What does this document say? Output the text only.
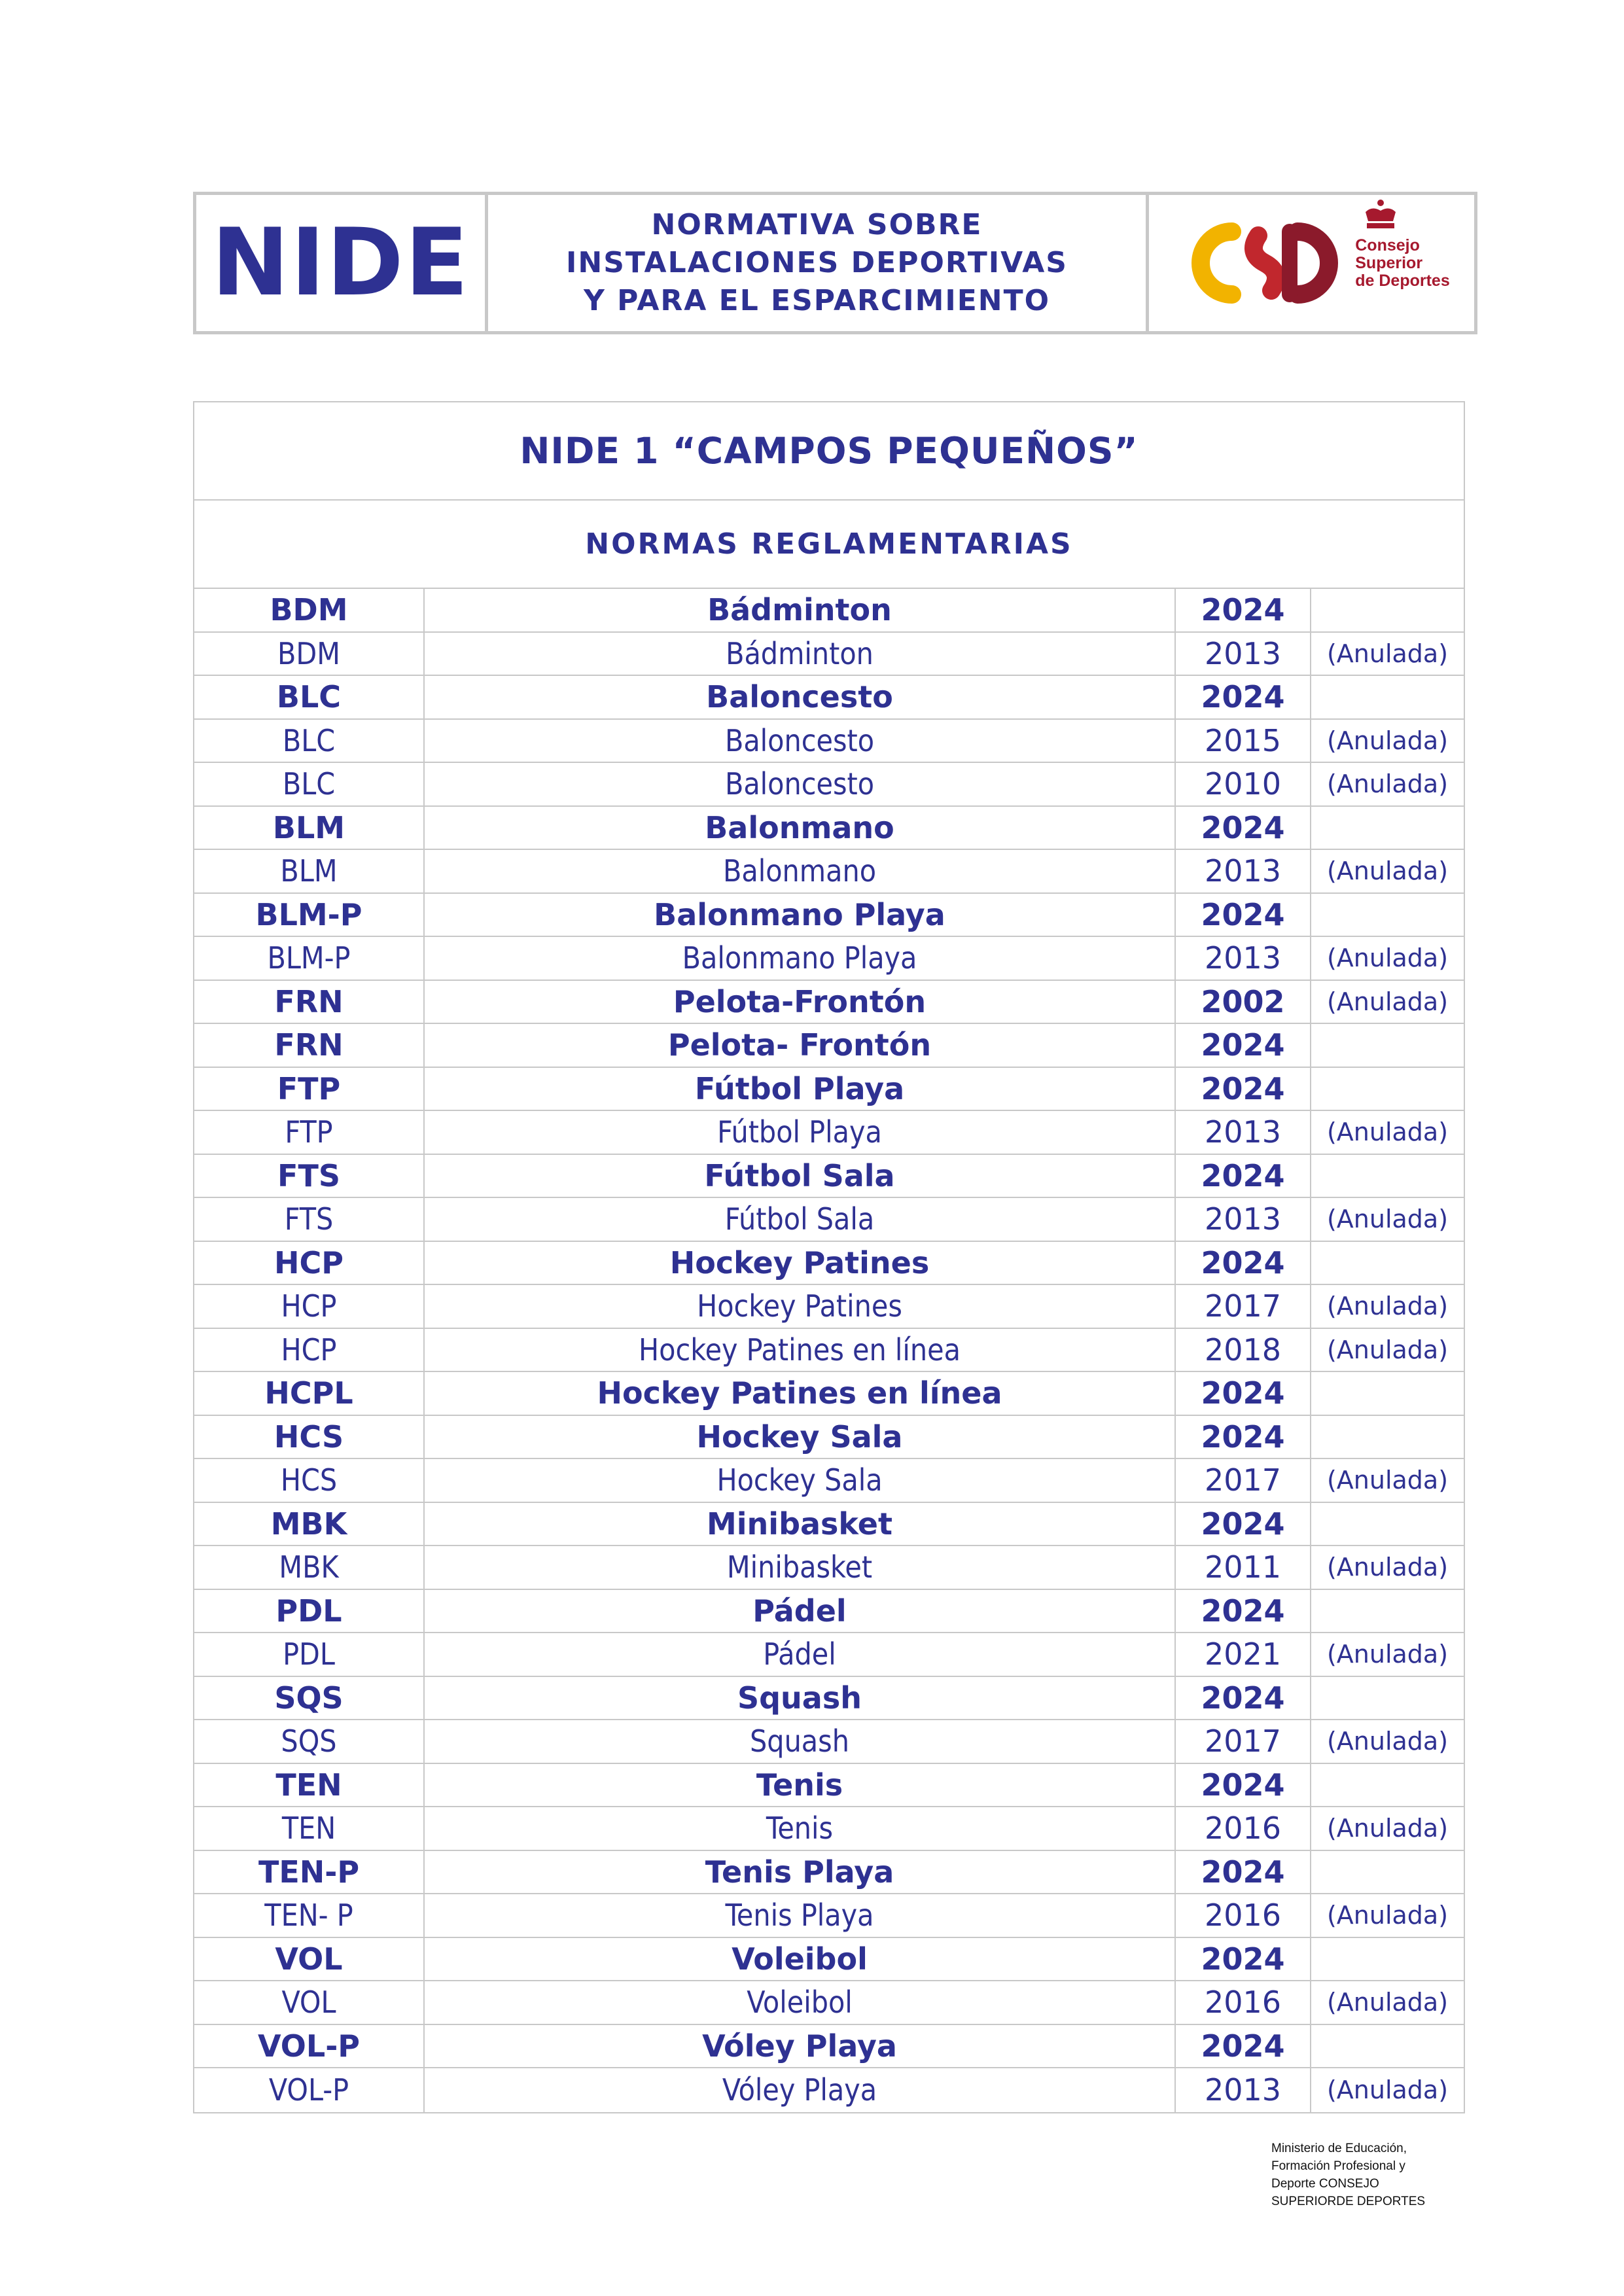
NIDE	NORMATIVA SOBRE
INSTALACIONES DEPORTIVAS
Y PARA EL ESPARCIMIENTO
Consejo
Superior
de Deportes
NIDE 1 “CAMPOS PEQUEÑOS”
NORMAS REGLAMENTARIAS
BDM	Bádminton	2024
BDM	Bádminton	2013	(Anulada)
BLC	Baloncesto	2024
BLC	Baloncesto	2015	(Anulada)
BLC	Baloncesto	2010	(Anulada)
BLM	Balonmano	2024
BLM	Balonmano	2013	(Anulada)
BLM-P	Balonmano Playa	2024
BLM-P	Balonmano Playa	2013	(Anulada)
FRN	Pelota-Frontón	2002	(Anulada)
FRN	Pelota- Frontón	2024
FTP	Fútbol Playa	2024
FTP	Fútbol Playa	2013	(Anulada)
FTS	Fútbol Sala	2024
FTS	Fútbol Sala	2013	(Anulada)
HCP	Hockey Patines	2024
HCP	Hockey Patines	2017	(Anulada)
HCP	Hockey Patines en línea	2018	(Anulada)
HCPL	Hockey Patines en línea	2024
HCS	Hockey Sala	2024
HCS	Hockey Sala	2017	(Anulada)
MBK	Minibasket	2024
MBK	Minibasket	2011	(Anulada)
PDL	Pádel	2024
PDL	Pádel	2021	(Anulada)
SQS	Squash	2024
SQS	Squash	2017	(Anulada)
TEN	Tenis	2024
TEN	Tenis	2016	(Anulada)
TEN-P	Tenis Playa	2024
TEN- P	Tenis Playa	2016	(Anulada)
VOL	Voleibol	2024
VOL	Voleibol	2016	(Anulada)
VOL-P	Vóley Playa	2024
VOL-P	Vóley Playa	2013	(Anulada)
Ministerio de Educación,
Formación Profesional y
Deporte CONSEJO
SUPERIORDE DEPORTES
